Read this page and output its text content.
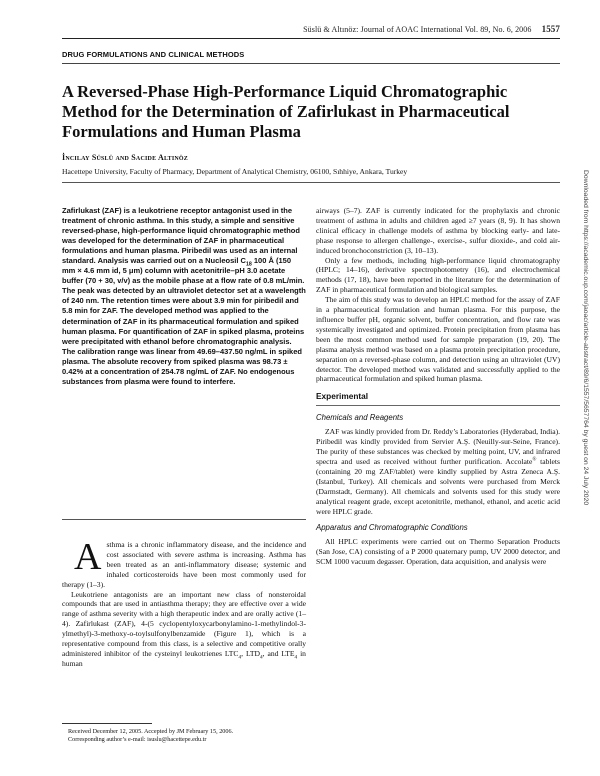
Süslü & Altınöz: Journal of AOAC International Vol. 89, No. 6, 2006 1557
DRUG FORMULATIONS AND CLINICAL METHODS
A Reversed-Phase High-Performance Liquid Chromatographic Method for the Determination of Zafirlukast in Pharmaceutical Formulations and Human Plasma
İncilay Süslü and Sacide Altınöz
Hacettepe University, Faculty of Pharmacy, Department of Analytical Chemistry, 06100, Sıhhiye, Ankara, Turkey

Zafirlukast (ZAF) is a leukotriene receptor antagonist used in the treatment of chronic asthma. In this study, a simple and sensitive reversed-phase, high-performance liquid chromatographic method was developed for the determination of ZAF in pharmaceutical formulations and human plasma. Piribedil was used as an internal standard. Analysis was carried out on a Nucleosil $C_{18}$ 100 Å (150 mm × 4.6 mm id, 5 μm) column with acetonitrile–pH 3.0 acetate buffer (70 + 30, v/v) as the mobile phase at a flow rate of 0.8 mL/min. The peak was detected by an ultraviolet detector set at a wavelength of 240 nm. The retention times were about 3.9 min for piribedil and 5.8 min for ZAF. The developed method was applied to the determination of ZAF in its pharmaceutical formulation and spiked human plasma. For quantification of ZAF in spiked plasma, proteins were precipitated with ethanol before chromatographic analysis. The calibration range was linear from 49.69–437.50 ng/mL in spiked plasma. The absolute recovery from spiked plasma was 98.73 ± 0.42% at a concentration of 254.78 ng/mL of ZAF. No endogenous substances from plasma were found to interfere.

Asthma is a chronic inflammatory disease, and the incidence and cost associated with severe asthma is increasing. Asthma has been treated as an anti-inflammatory disease; systemic and inhaled corticosteroids have been most commonly used for therapy (1–3).

Leukotriene antagonists are an important new class of nonsteroidal compounds that are used in antiasthma therapy; they are effective over a wide range of asthma severity with a high therapeutic index and are orally active (1–4). Zafirlukast (ZAF), 4-(5 cyclopentyloxycarbonylamino-1-methylindol-3-ylmethyl)-3-methoxy-o-toylsulfonylbenzamide (Figure 1), which is a representative compound from this class, is a selective and competitive orally administered inhibitor of the cysteinyl leukotrienes $LTC_4$, $LTD_4$, and $LTE_4$ in human

airways (5–7). ZAF is currently indicated for the prophylaxis and chronic treatment of asthma in adults and children aged ≥7 years (8, 9). It has shown clinical efficacy in challenge models of asthma by blocking early- and late-phase response to allergen challenge-, exercise-, sulfur dioxide-, and cold air-induced bronchoconstriction (3, 10–13).

Only a few methods, including high-performance liquid chromatography (HPLC; 14–16), derivative spectrophotometry (16), and electrochemical methods (17, 18), have been reported in the literature for the determination of ZAF in pharmaceutical formulation and biological samples.

The aim of this study was to develop an HPLC method for the assay of ZAF in a pharmaceutical formulation and human plasma. For this purpose, the influence buffer pH, organic solvent, buffer concentration, and flow rate was systemically investigated and optimized. Protein precipitation from plasma has been the most common method used for sample preparation (19, 20). The plasma analysis method was based on a plasma protein precipitation procedure, separation on a reversed-phase column, and detection using an ultraviolet (UV) detector. The developed method was validated and successfully applied to the pharmaceutical formulation and spiked human plasma.

Experimental
Chemicals and Reagents

ZAF was kindly provided from Dr. Reddy’s Laboratories (Hyderabad, India). Piribedil was kindly provided from Servier A.Ş. (Neuilly-sur-Seine, France). The purity of these substances was checked by melting point, UV, and infrared spectra and used as received without further purification. Accolate® tablets (containing 20 mg ZAF/tablet) were kindly supplied by Astra Zeneca A.Ş. (Istanbul, Turkey). All chemicals and solvents were purchased from Merck (Darmstadt, Germany). All chemicals and solvents used for this study were analytical reagent grade, except acetonitrile, methanol, ethanol, and acetic acid were HPLC grade.

Apparatus and Chromatographic Conditions

All HPLC experiments were carried out on Thermo Separation Products (San Jose, CA) consisting of a P 2000 quaternary pump, UV 2000 detector, and SCM 1000 vacuum degasser. Operation, data acquisition, and analysis were

Received December 12, 2005. Accepted by JM February 15, 2006.
Corresponding author’s e-mail: isuslu@hacettepe.edu.tr
Downloaded from https://academic.oup.com/jaoac/article-abstract/89/6/1557/5657764 by guest on 24 July 2020
